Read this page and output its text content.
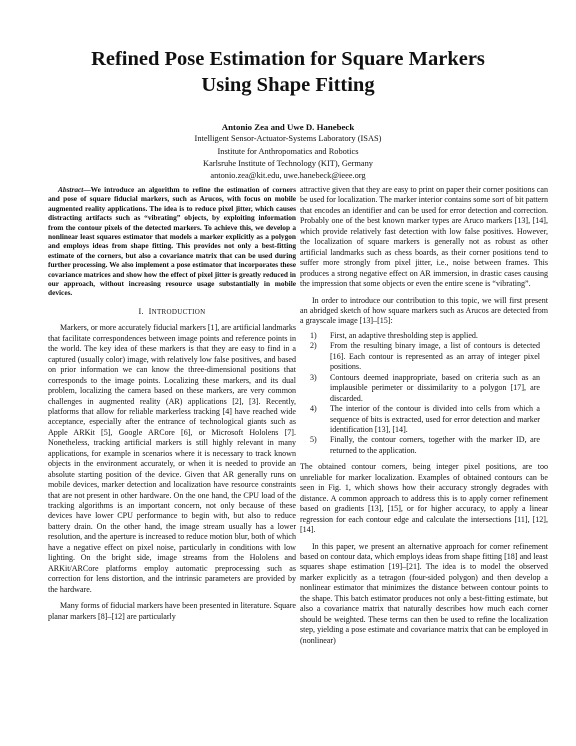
Refined Pose Estimation for Square Markers
Using Shape Fitting
Antonio Zea and Uwe D. Hanebeck
Intelligent Sensor-Actuator-Systems Laboratory (ISAS)
Institute for Anthropomatics and Robotics
Karlsruhe Institute of Technology (KIT), Germany
antonio.zea@kit.edu, uwe.hanebeck@ieee.org

Abstract—We introduce an algorithm to refine the estimation of corners and pose of square fiducial markers, such as Arucos, with focus on mobile augmented reality applications. The idea is to reduce pixel jitter, which causes distracting artifacts such as “vibrating” objects, by exploiting information from the contour pixels of the detected markers. To achieve this, we develop a nonlinear least squares estimator that models a marker explicitly as a polygon and employs ideas from shape fitting. This provides not only a best-fitting estimate of the corners, but also a covariance matrix that can be used during further processing. We also implement a pose estimator that incorporates these covariance matrices and show how the effect of pixel jitter is greatly reduced in our approach, without increasing resource usage substantially in mobile devices.

I. INTRODUCTION

Markers, or more accurately fiducial markers [1], are artificial landmarks that facilitate correspondences between image points and reference points in the world. The key idea of these markers is that they are easy to find in a captured (usually color) image, with relatively low false positives, and based on prior information we can know the three-dimensional positions that corresponds to the image points. Localizing these markers, and its dual problem, localizing the camera based on these markers, are very common challenges in augmented reality (AR) applications [2], [3]. Recently, platforms that allow for reliable markerless tracking [4] have reached wide acceptance, especially after the entrance of technological giants such as Apple ARKit [5], Google ARCore [6], or Microsoft Hololens [7]. Nonetheless, tracking artificial markers is still highly relevant in many applications, for example in scenarios where it is necessary to track known objects in the environment accurately, or when it is needed to provide an absolute starting position of the device. Given that AR generally runs on mobile devices, marker detection and localization have resource constraints that are not present in other hardware. On the one hand, the CPU load of the tracking algorithms is an important concern, not only because of these devices have lower CPU performance to begin with, but also to reduce battery drain. On the other hand, the image stream usually has a lower resolution, and the aperture is increased to reduce motion blur, both of which have a negative effect on pixel noise, particularly in conditions with low lighting. On the bright side, image streams from the Hololens and ARKit/ARCore platforms employ automatic preprocessing such as correction for lens distortion, and the intrinsic parameters are provided by the hardware.

Many forms of fiducial markers have been presented in literature. Square planar markers [8]–[12] are particularly

attractive given that they are easy to print on paper their corner positions can be used for localization. The marker interior contains some sort of bit pattern that encodes an identifier and can be used for error detection and correction. Probably one of the best known marker types are Aruco markers [13], [14], which provide relatively fast detection with low false positives. However, the localization of square markers is generally not as robust as other artificial landmarks such as chess boards, as their corner positions tend to suffer more strongly from pixel jitter, i.e., noise between frames. This produces a strong negative effect on AR immersion, in drastic cases causing the impression that some objects or even the entire scene is “vibrating”.

In order to introduce our contribution to this topic, we will first present an abridged sketch of how square markers such as Arucos are detected from a grayscale image [13]–[15]:

1) First, an adaptive thresholding step is applied.
2) From the resulting binary image, a list of contours is detected [16]. Each contour is represented as an array of integer pixel positions.
3) Contours deemed inappropriate, based on criteria such as an implausible perimeter or dissimilarity to a polygon [17], are discarded.
4) The interior of the contour is divided into cells from which a sequence of bits is extracted, used for error detection and marker identification [13], [14].
5) Finally, the contour corners, together with the marker ID, are returned to the application.

The obtained contour corners, being integer pixel positions, are too unreliable for marker localization. Examples of obtained contours can be seen in Fig. 1, which shows how their accuracy strongly degrades with distance. A common approach to address this is to apply corner refinement based on gradients [13], [15], or for higher accuracy, to apply a linear regression for each contour edge and calculate the intersections [11], [12], [14].

In this paper, we present an alternative approach for corner refinement based on contour data, which employs ideas from shape fitting [18] and least squares shape estimation [19]–[21]. The idea is to model the observed marker explicitly as a tetragon (four-sided polygon) and then develop a nonlinear estimator that minimizes the distance between contour points to the shape. This batch estimator produces not only a best-fitting estimate, but also a covariance matrix that naturally describes how much each corner should be weighted. These terms can then be used to refine the localization step, yielding a pose estimate and covariance matrix that can be employed in (nonlinear)
